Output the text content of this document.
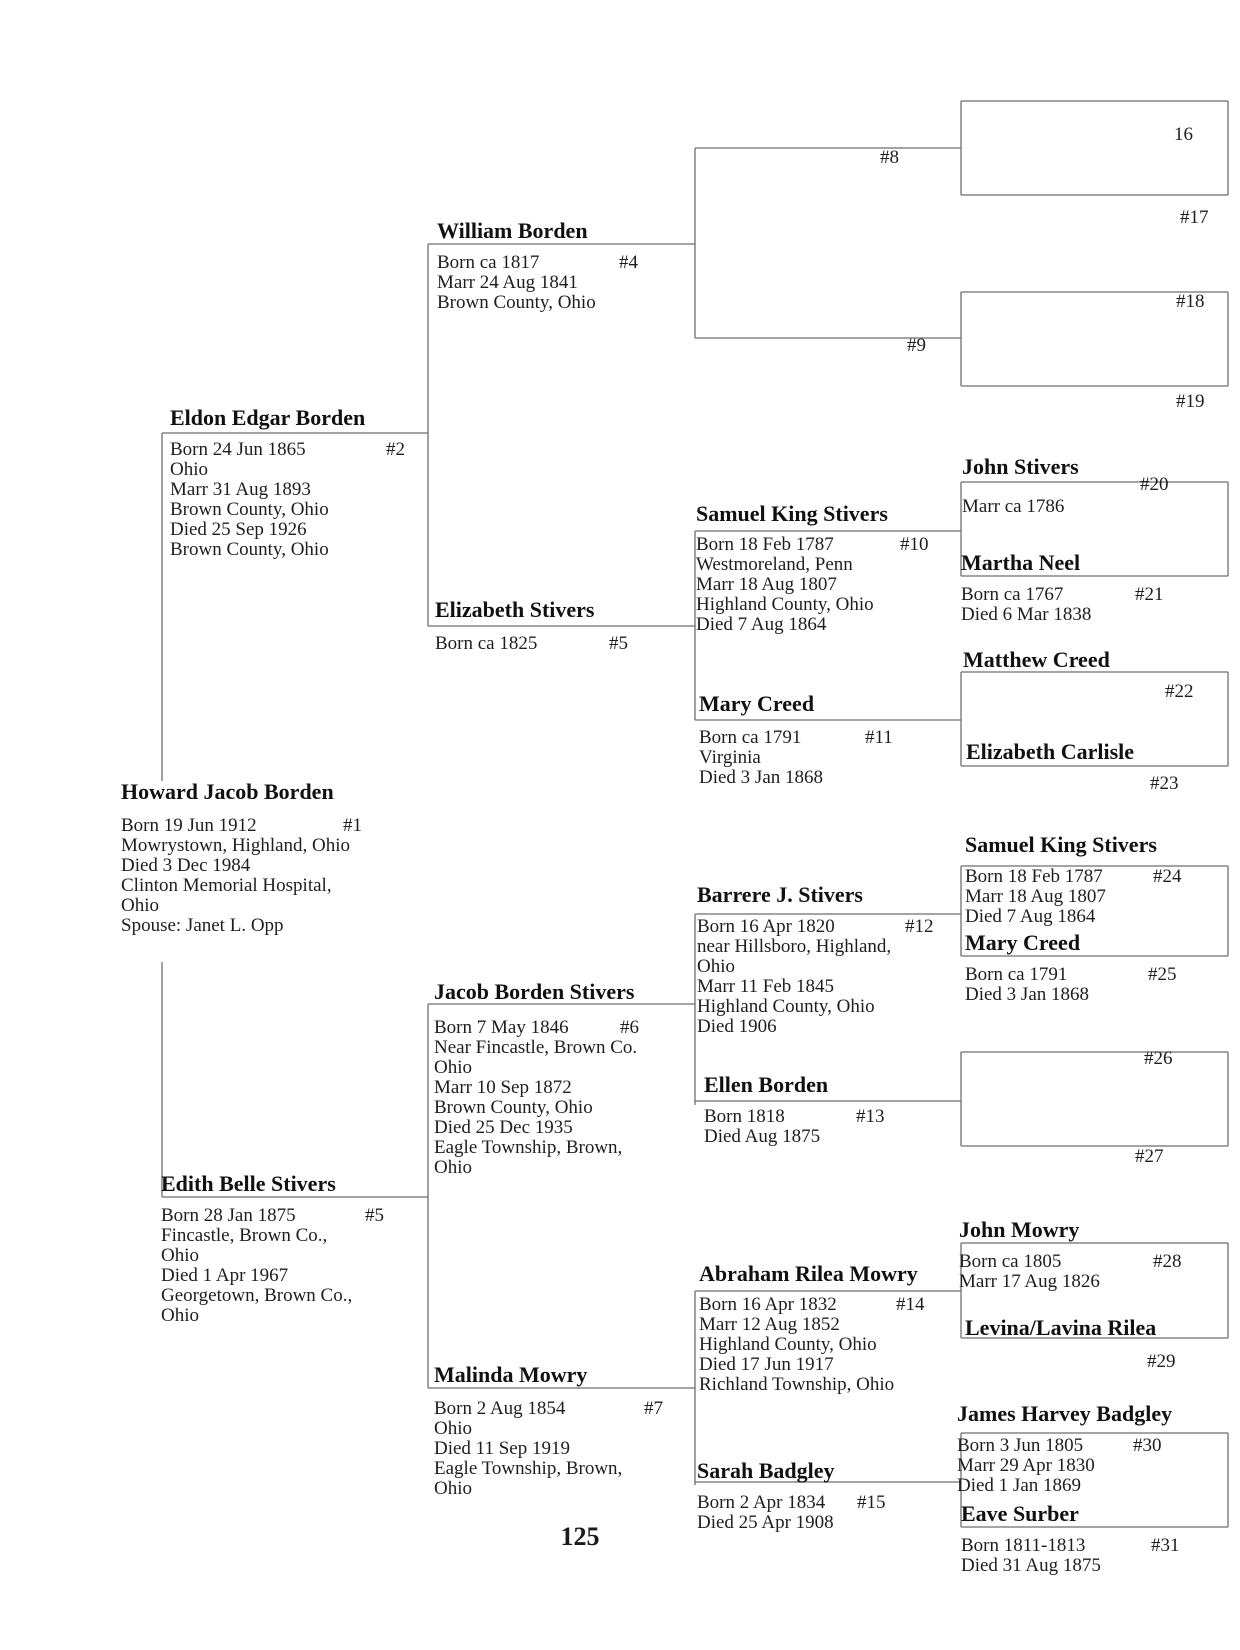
Howard Jacob Borden
#1
Born 19 Jun 1912
Mowrystown, Highland, Ohio
Died 3 Dec 1984
Clinton Memorial Hospital,
Ohio
Spouse: Janet L. Opp
Eldon Edgar Borden
#2
Born 24 Jun 1865
Ohio
Marr 31 Aug 1893
Brown County, Ohio
Died 25 Sep 1926
Brown County, Ohio
Edith Belle Stivers
#5
Born 28 Jan 1875
Fincastle, Brown Co.,
Ohio
Died 1 Apr 1967
Georgetown, Brown Co.,
Ohio
William Borden
#4
Born ca 1817
Marr 24 Aug 1841
Brown County, Ohio
Elizabeth Stivers
#5
Born ca 1825
Jacob Borden Stivers
#6
Born 7 May 1846
Near Fincastle, Brown Co.
Ohio
Marr 10 Sep 1872
Brown County, Ohio
Died 25 Dec 1935
Eagle Township, Brown,
Ohio
Malinda Mowry
#7
Born 2 Aug 1854
Ohio
Died 11 Sep 1919
Eagle Township, Brown,
Ohio
#8
#9
Samuel King Stivers
#10
Born 18 Feb 1787
Westmoreland, Penn
Marr 18 Aug 1807
Highland County, Ohio
Died 7 Aug 1864
Mary Creed
#11
Born ca 1791
Virginia
Died 3 Jan 1868
Barrere J. Stivers
#12
Born 16 Apr 1820
near Hillsboro, Highland,
Ohio
Marr 11 Feb 1845
Highland County, Ohio
Died 1906
Ellen Borden
#13
Born 1818
Died Aug 1875
Abraham Rilea Mowry
#14
Born 16 Apr 1832
Marr 12 Aug 1852
Highland County, Ohio
Died 17 Jun 1917
Richland Township, Ohio
Sarah Badgley
#15
Born 2 Apr 1834
Died 25 Apr 1908
16
#17
#18
#19
John Stivers
#20
Marr ca 1786
Martha Neel
#21
Born ca 1767
Died 6 Mar 1838
Matthew Creed
#22
Elizabeth Carlisle
#23
Samuel King Stivers
#24
Born 18 Feb 1787
Marr 18 Aug 1807
Died 7 Aug 1864
Mary Creed
#25
Born ca 1791
Died 3 Jan 1868
#26
#27
John Mowry
#28
Born ca 1805
Marr 17 Aug 1826
Levina/Lavina Rilea
#29
James Harvey Badgley
#30
Born 3 Jun 1805
Marr 29 Apr 1830
Died 1 Jan 1869
Eave Surber
#31
Born 1811-1813
Died 31 Aug 1875
125
